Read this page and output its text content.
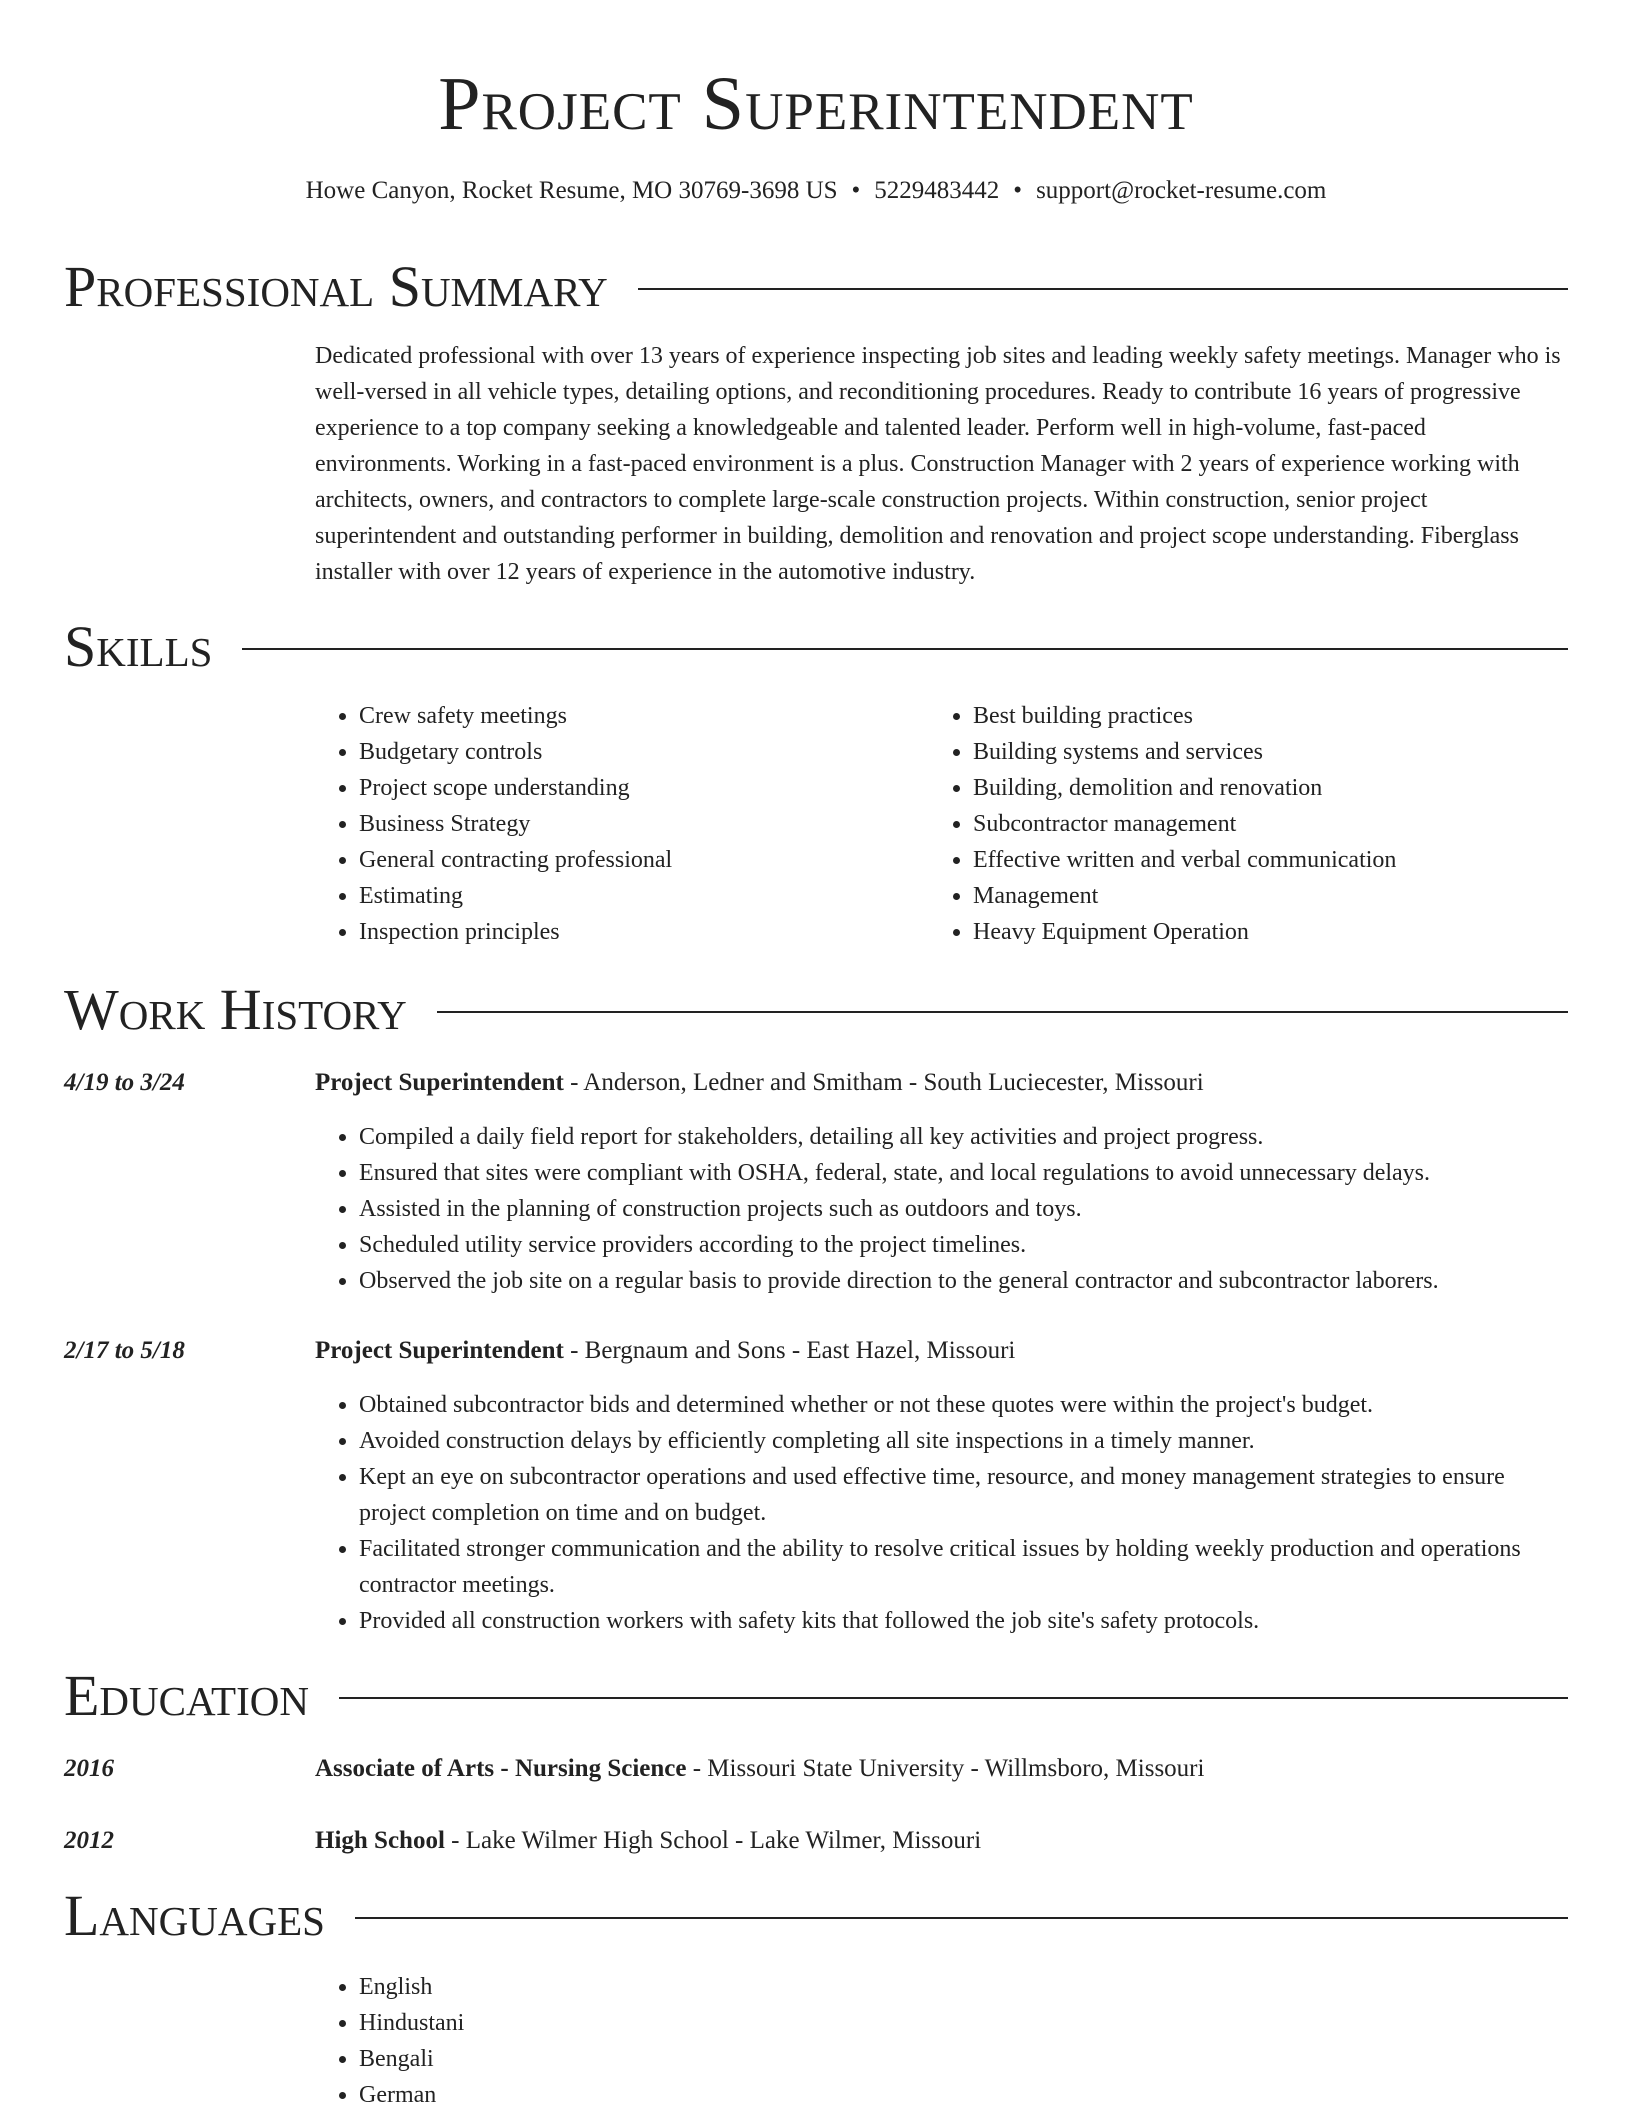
Project Superintendent
Howe Canyon, Rocket Resume, MO 30769-3698 US • 5229483442 • support@rocket-resume.com
Professional Summary
Dedicated professional with over 13 years of experience inspecting job sites and leading weekly safety meetings. Manager who is well-versed in all vehicle types, detailing options, and reconditioning procedures. Ready to contribute 16 years of progressive experience to a top company seeking a knowledgeable and talented leader. Perform well in high-volume, fast-paced environments. Working in a fast-paced environment is a plus. Construction Manager with 2 years of experience working with architects, owners, and contractors to complete large-scale construction projects. Within construction, senior project superintendent and outstanding performer in building, demolition and renovation and project scope understanding. Fiberglass installer with over 12 years of experience in the automotive industry.
Skills
• Crew safety meetings
• Budgetary controls
• Project scope understanding
• Business Strategy
• General contracting professional
• Estimating
• Inspection principles
• Best building practices
• Building systems and services
• Building, demolition and renovation
• Subcontractor management
• Effective written and verbal communication
• Management
• Heavy Equipment Operation
Work History
4/19 to 3/24	Project Superintendent - Anderson, Ledner and Smitham - South Luciecester, Missouri
• Compiled a daily field report for stakeholders, detailing all key activities and project progress.
• Ensured that sites were compliant with OSHA, federal, state, and local regulations to avoid unnecessary delays.
• Assisted in the planning of construction projects such as outdoors and toys.
• Scheduled utility service providers according to the project timelines.
• Observed the job site on a regular basis to provide direction to the general contractor and subcontractor laborers.
2/17 to 5/18	Project Superintendent - Bergnaum and Sons - East Hazel, Missouri
• Obtained subcontractor bids and determined whether or not these quotes were within the project's budget.
• Avoided construction delays by efficiently completing all site inspections in a timely manner.
• Kept an eye on subcontractor operations and used effective time, resource, and money management strategies to ensure project completion on time and on budget.
• Facilitated stronger communication and the ability to resolve critical issues by holding weekly production and operations contractor meetings.
• Provided all construction workers with safety kits that followed the job site's safety protocols.
Education
2016	Associate of Arts - Nursing Science - Missouri State University - Willmsboro, Missouri
2012	High School - Lake Wilmer High School - Lake Wilmer, Missouri
Languages
• English
• Hindustani
• Bengali
• German
